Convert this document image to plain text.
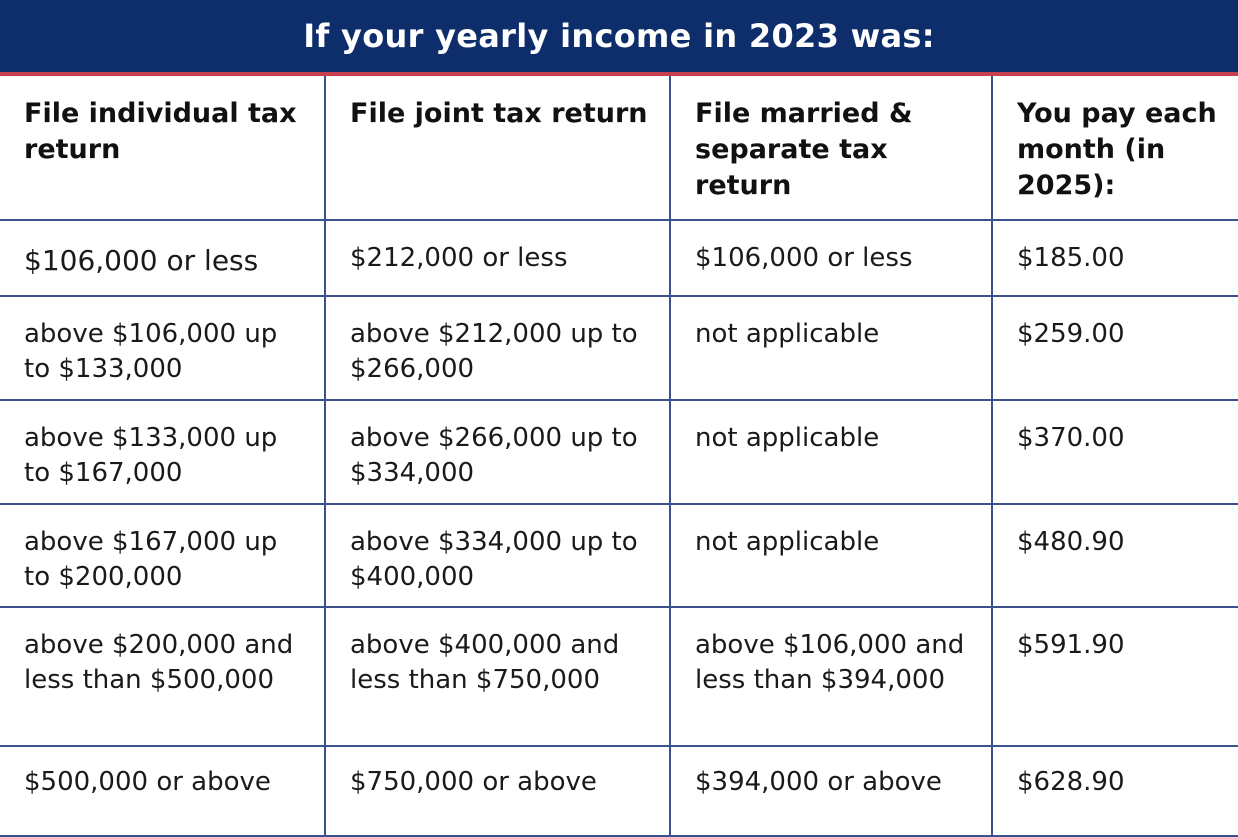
If your yearly income in 2023 was:
File individual tax return	File joint tax return	File married & separate tax return	You pay each month (in 2025):
$106,000 or less	$212,000 or less	$106,000 or less	$185.00
above $106,000 up to $133,000	above $212,000 up to $266,000	not applicable	$259.00
above $133,000 up to $167,000	above $266,000 up to $334,000	not applicable	$370.00
above $167,000 up to $200,000	above $334,000 up to $400,000	not applicable	$480.90
above $200,000 and less than $500,000	above $400,000 and less than $750,000	above $106,000 and less than $394,000	$591.90
$500,000 or above	$750,000 or above	$394,000 or above	$628.90
